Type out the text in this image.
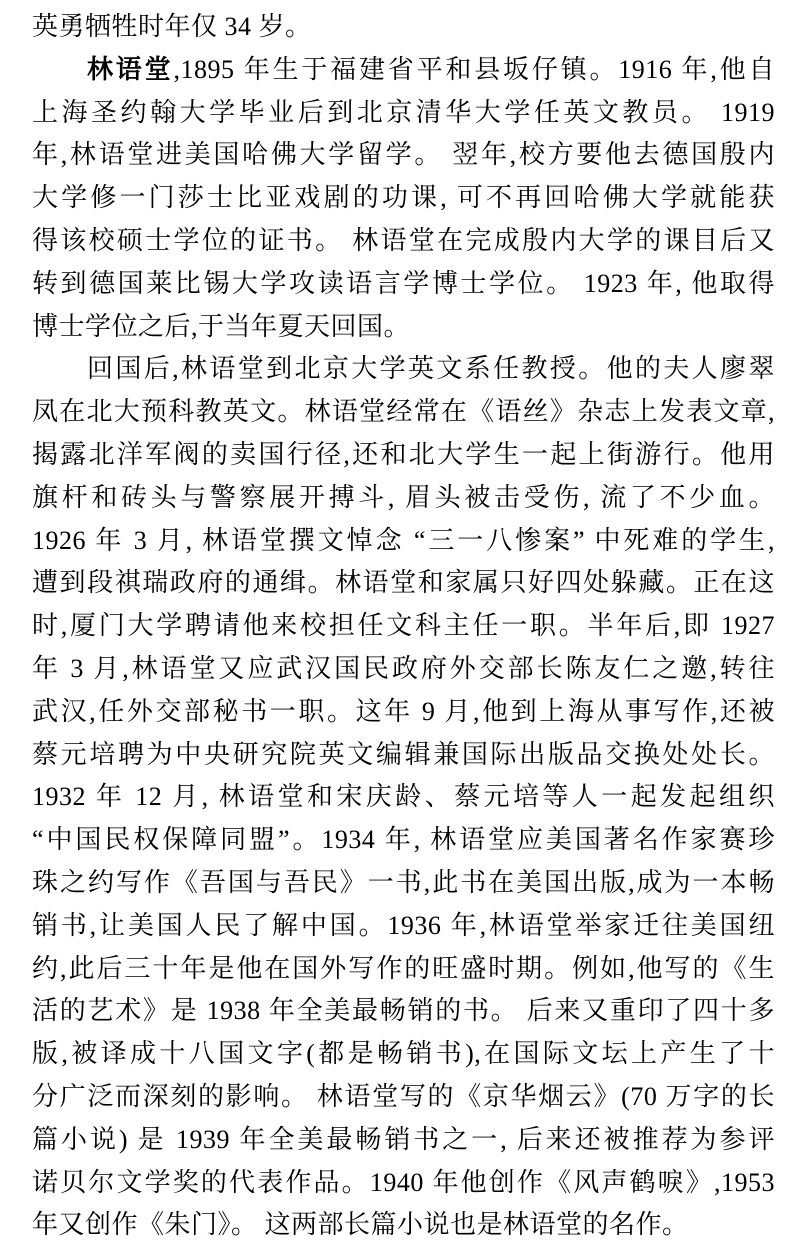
英勇牺牲时年仅 34 岁。
林语堂,1895 年生于福建省平和县坂仔镇。1916 年,他自
上海圣约翰大学毕业后到北京清华大学任英文教员。 1919
年,林语堂进美国哈佛大学留学。 翌年,校方要他去德国殷内
大学修一门莎士比亚戏剧的功课, 可不再回哈佛大学就能获
得该校硕士学位的证书。 林语堂在完成殷内大学的课目后又
转到德国莱比锡大学攻读语言学博士学位。 1923 年, 他取得
博士学位之后,于当年夏天回国。
回国后,林语堂到北京大学英文系任教授。他的夫人廖翠
凤在北大预科教英文。林语堂经常在《语丝》杂志上发表文章,
揭露北洋军阀的卖国行径,还和北大学生一起上街游行。他用
旗杆和砖头与警察展开搏斗, 眉头被击受伤, 流了不少血。
1926 年 3 月, 林语堂撰文悼念 “三一八惨案” 中死难的学生,
遭到段祺瑞政府的通缉。林语堂和家属只好四处躲藏。正在这
时,厦门大学聘请他来校担任文科主任一职。半年后,即 1927
年 3 月,林语堂又应武汉国民政府外交部长陈友仁之邀,转往
武汉,任外交部秘书一职。这年 9 月,他到上海从事写作,还被
蔡元培聘为中央研究院英文编辑兼国际出版品交换处处长。
1932 年 12 月, 林语堂和宋庆龄、蔡元培等人一起发起组织
“中国民权保障同盟”。1934 年, 林语堂应美国著名作家赛珍
珠之约写作《吾国与吾民》一书,此书在美国出版,成为一本畅
销书,让美国人民了解中国。1936 年,林语堂举家迁往美国纽
约,此后三十年是他在国外写作的旺盛时期。例如,他写的《生
活的艺术》是 1938 年全美最畅销的书。 后来又重印了四十多
版,被译成十八国文字(都是畅销书),在国际文坛上产生了十
分广泛而深刻的影响。 林语堂写的《京华烟云》(70 万字的长
篇小说) 是 1939 年全美最畅销书之一, 后来还被推荐为参评
诺贝尔文学奖的代表作品。1940 年他创作《风声鹤唳》,1953
年又创作《朱门》。 这两部长篇小说也是林语堂的名作。
